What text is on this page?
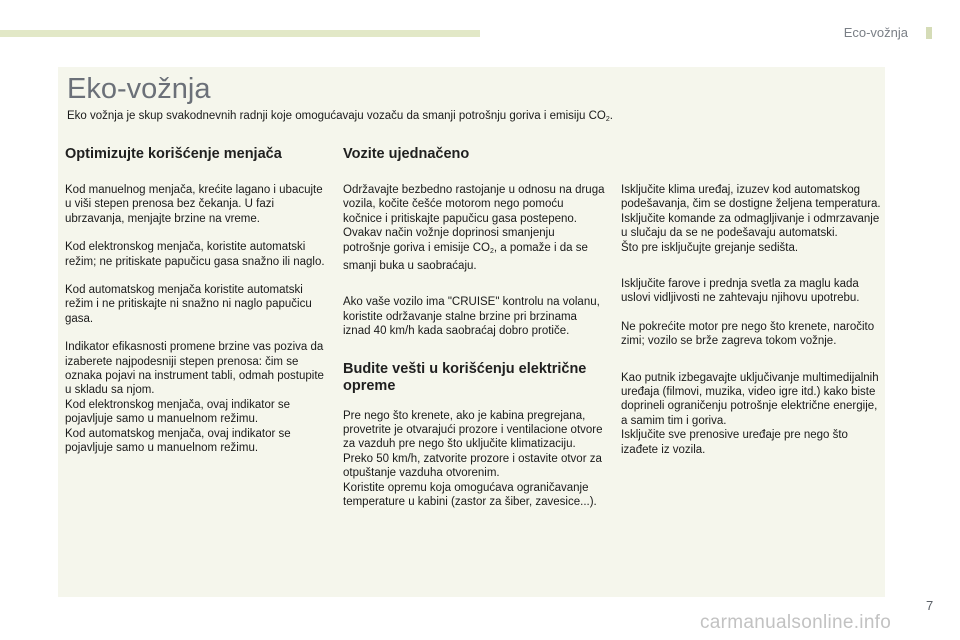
Eco-vožnja
Eko-vožnja

Eko vožnja je skup svakodnevnih radnji koje omogućavaju vozaču da smanji potrošnju goriva i emisiju $CO_2$.

Optimizujte korišćenje menjača

Kod manuelnog menjača, krećite lagano i ubacujte u viši stepen prenosa bez čekanja. U fazi ubrzavanja, menjajte brzine na vreme.

Kod elektronskog menjača, koristite automatski režim; ne pritiskate papučicu gasa snažno ili naglo.

Kod automatskog menjača koristite automatski režim i ne pritiskajte ni snažno ni naglo papučicu gasa.

Indikator efikasnosti promene brzine vas poziva da izaberete najpodesniji stepen prenosa: čim se oznaka pojavi na instrument tabli, odmah postupite u skladu sa njom.

Kod elektronskog menjača, ovaj indikator se pojavljuje samo u manuelnom režimu.

Kod automatskog menjača, ovaj indikator se pojavljuje samo u manuelnom režimu.

Vozite ujednačeno

Održavajte bezbedno rastojanje u odnosu na druga vozila, kočite češće motorom nego pomoću kočnice i pritiskajte papučicu gasa postepeno. Ovakav način vožnje doprinosi smanjenju potrošnje goriva i emisije $CO_2$, a pomaže i da se smanji buka u saobraćaju.

Ako vaše vozilo ima "CRUISE" kontrolu na volanu, koristite održavanje stalne brzine pri brzinama iznad 40 km/h kada saobraćaj dobro protiče.

Budite vešti u korišćenju električne opreme

Pre nego što krenete, ako je kabina pregrejana, provetrite je otvarajući prozore i ventilacione otvore za vazduh pre nego što uključite klimatizaciju.

Preko 50 km/h, zatvorite prozore i ostavite otvor za otpuštanje vazduha otvorenim.

Koristite opremu koja omogućava ograničavanje temperature u kabini (zastor za šiber, zavesice...).

Isključite klima uređaj, izuzev kod automatskog podešavanja, čim se dostigne željena temperatura.

Isključite komande za odmagljivanje i odmrzavanje u slučaju da se ne podešavaju automatski.

Što pre isključujte grejanje sedišta.

Isključite farove i prednja svetla za maglu kada uslovi vidljivosti ne zahtevaju njihovu upotrebu.

Ne pokrećite motor pre nego što krenete, naročito zimi; vozilo se brže zagreva tokom vožnje.

Kao putnik izbegavajte uključivanje multimedijalnih uređaja (filmovi, muzika, video igre itd.) kako biste doprineli ograničenju potrošnje električne energije, a samim tim i goriva.

Isključite sve prenosive uređaje pre nego što izađete iz vozila.

7
carmanualsonline.info
